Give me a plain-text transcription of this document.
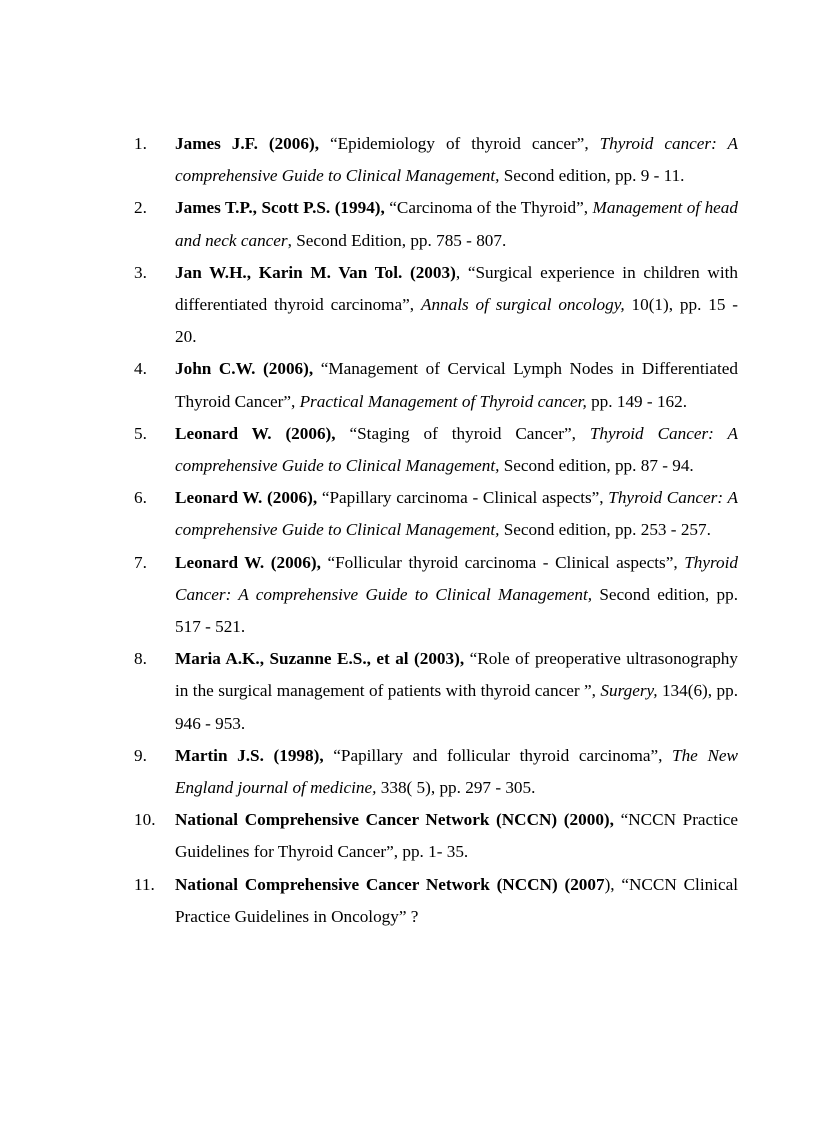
1.	James J.F. (2006), “Epidemiology of thyroid cancer”, Thyroid cancer: A comprehensive Guide to Clinical Management, Second edition, pp. 9 - 11.
2.	James T.P., Scott P.S. (1994), “Carcinoma of the Thyroid”, Management of head and neck cancer, Second Edition, pp. 785 - 807.
3.	Jan W.H., Karin M. Van Tol. (2003), “Surgical experience in children with differentiated thyroid carcinoma”, Annals of surgical oncology, 10(1), pp. 15 - 20.
4.	John C.W. (2006), “Management of Cervical Lymph Nodes in Differentiated Thyroid Cancer”, Practical Management of Thyroid cancer, pp. 149 - 162.
5.	Leonard W. (2006), “Staging of thyroid Cancer”, Thyroid Cancer: A comprehensive Guide to Clinical Management, Second edition, pp. 87 - 94.
6.	Leonard W. (2006), “Papillary carcinoma - Clinical aspects”, Thyroid Cancer: A comprehensive Guide to Clinical Management, Second edition, pp. 253 - 257.
7.	Leonard W. (2006), “Follicular thyroid carcinoma - Clinical aspects”, Thyroid Cancer: A comprehensive Guide to Clinical Management, Second edition, pp. 517 - 521.
8.	Maria A.K., Suzanne E.S., et al (2003), “Role of preoperative ultrasonography in the surgical management of patients with thyroid cancer ”, Surgery, 134(6), pp. 946 - 953.
9.	Martin J.S. (1998), “Papillary and follicular thyroid carcinoma”, The New England journal of medicine, 338( 5), pp. 297 - 305.
10.	National Comprehensive Cancer Network (NCCN) (2000), “NCCN Practice Guidelines for Thyroid Cancer”, pp. 1- 35.
11.	National Comprehensive Cancer Network (NCCN) (2007), “NCCN Clinical Practice Guidelines in Oncology” ?
